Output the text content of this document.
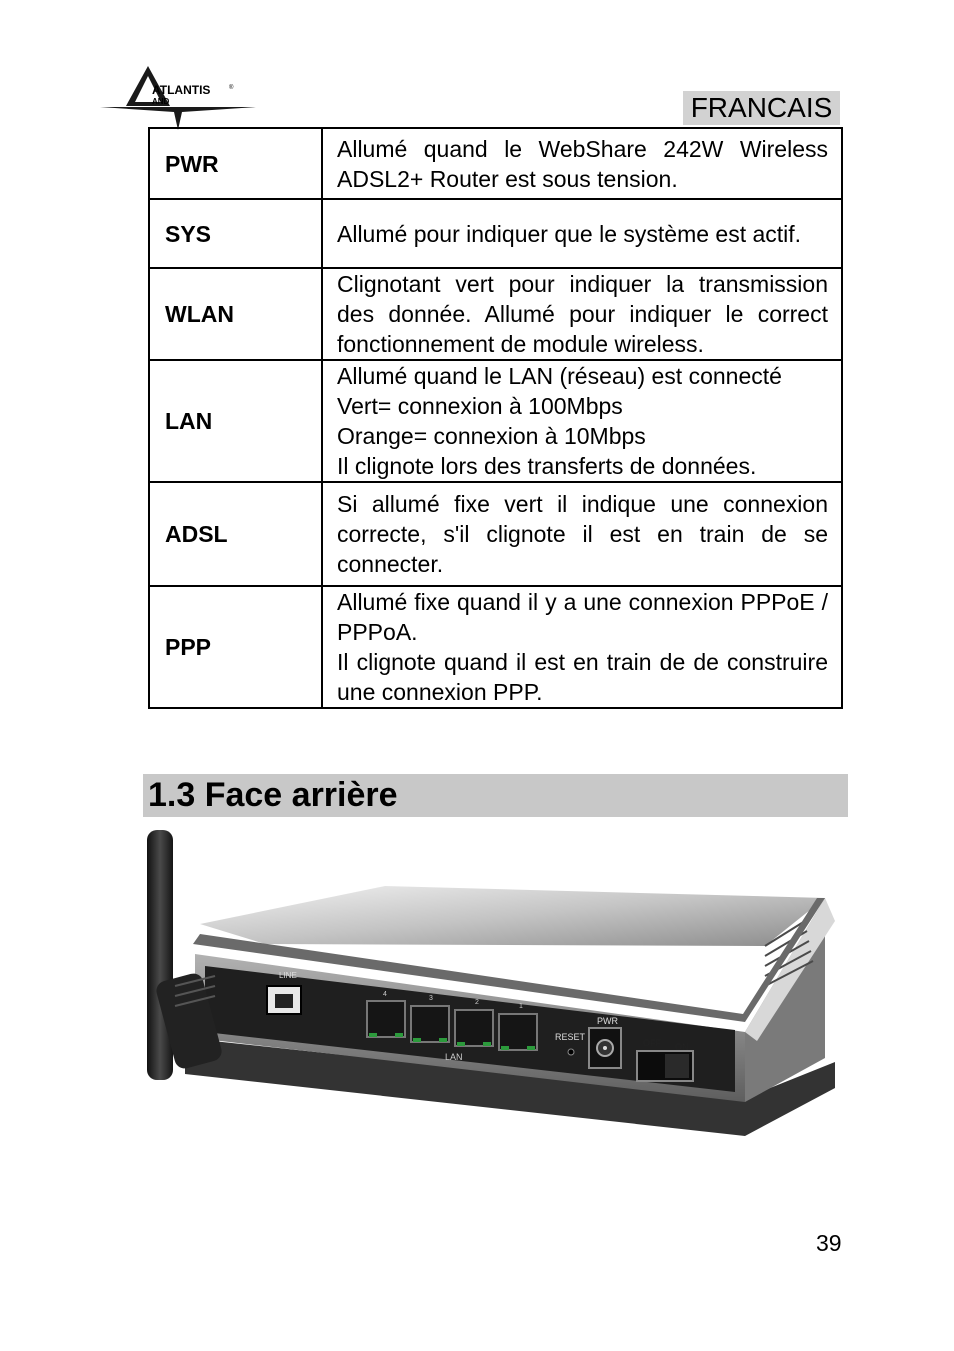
ATLANTIS
AND
®
FRANCAIS
PWR	Allumé quand le WebShare 242W Wireless ADSL2+ Router est sous tension.

SYS	Allumé pour indiquer que le système est actif.

WLAN	Clignotant vert pour indiquer la transmission des donnée. Allumé pour indiquer le correct fonctionnement de module wireless.

LAN	Allumé quand le LAN (réseau) est connecté
Vert= connexion à 100Mbps
Orange= connexion à 10Mbps
Il clignote lors des transferts de données.

ADSL	Si allumé fixe vert il indique une connexion correcte, s'il clignote il est en train de se connecter.

PPP	Allumé fixe quand il y a une connexion PPPoE / PPPoA.
Il clignote quand il est en train de de construire une connexion PPP.
1.3 Face arrière
LINE
LAN
4
3
2
1
RESET
PWR
OFF ON
39
